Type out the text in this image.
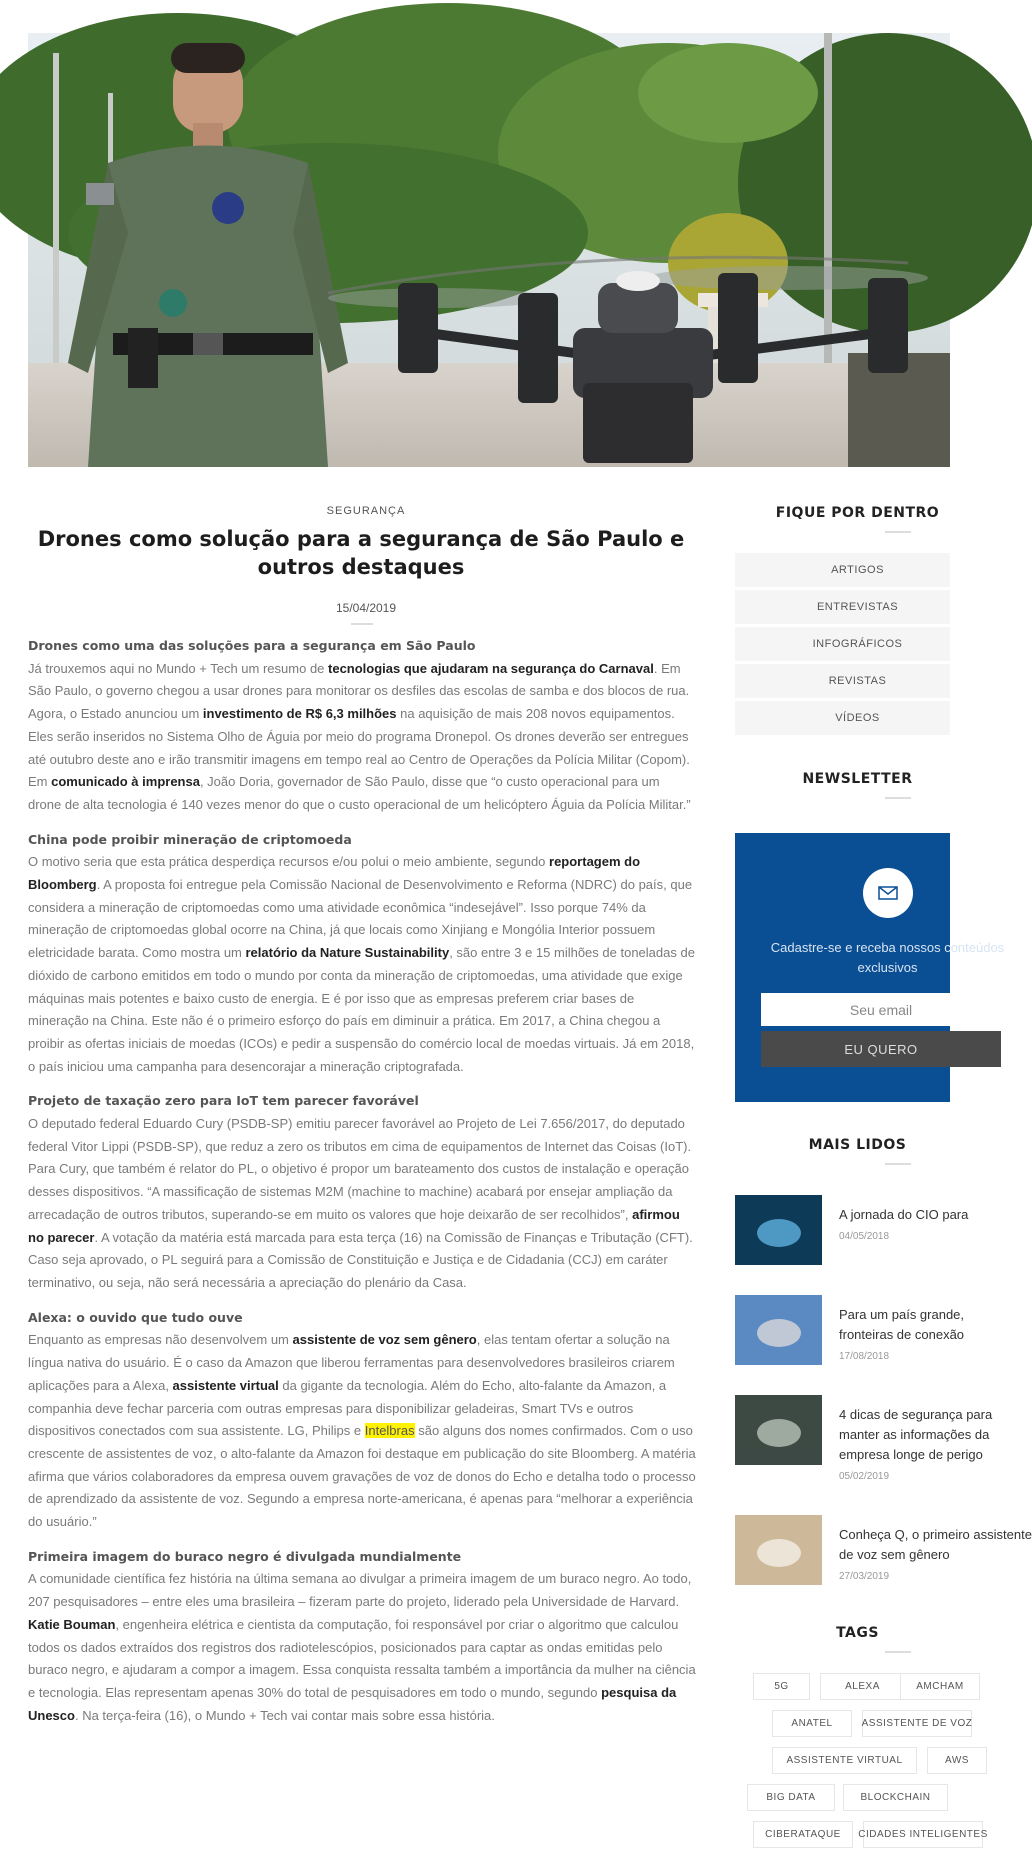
SEGURANÇA
Drones como solução para a segurança de São Paulo e outros destaques
15/04/2019
Drones como uma das soluções para a segurança em São Paulo

Já trouxemos aqui no Mundo + Tech um resumo de tecnologias que ajudaram na segurança do Carnaval. Em São Paulo, o governo chegou a usar drones para monitorar os desfiles das escolas de samba e dos blocos de rua. Agora, o Estado anunciou um investimento de R$ 6,3 milhões na aquisição de mais 208 novos equipamentos. Eles serão inseridos no Sistema Olho de Águia por meio do programa Dronepol. Os drones deverão ser entregues até outubro deste ano e irão transmitir imagens em tempo real ao Centro de Operações da Polícia Militar (Copom). Em comunicado à imprensa, João Doria, governador de São Paulo, disse que “o custo operacional para um drone de alta tecnologia é 140 vezes menor do que o custo operacional de um helicóptero Águia da Polícia Militar.”

China pode proibir mineração de criptomoeda

O motivo seria que esta prática desperdiça recursos e/ou polui o meio ambiente, segundo reportagem do Bloomberg. A proposta foi entregue pela Comissão Nacional de Desenvolvimento e Reforma (NDRC) do país, que considera a mineração de criptomoedas como uma atividade econômica “indesejável”. Isso porque 74% da mineração de criptomoedas global ocorre na China, já que locais como Xinjiang e Mongólia Interior possuem eletricidade barata. Como mostra um relatório da Nature Sustainability, são entre 3 e 15 milhões de toneladas de dióxido de carbono emitidos em todo o mundo por conta da mineração de criptomoedas, uma atividade que exige máquinas mais potentes e baixo custo de energia. E é por isso que as empresas preferem criar bases de mineração na China. Este não é o primeiro esforço do país em diminuir a prática. Em 2017, a China chegou a proibir as ofertas iniciais de moedas (ICOs) e pedir a suspensão do comércio local de moedas virtuais. Já em 2018, o país iniciou uma campanha para desencorajar a mineração criptografada.

Projeto de taxação zero para IoT tem parecer favorável

O deputado federal Eduardo Cury (PSDB-SP) emitiu parecer favorável ao Projeto de Lei 7.656/2017, do deputado federal Vitor Lippi (PSDB-SP), que reduz a zero os tributos em cima de equipamentos de Internet das Coisas (IoT). Para Cury, que também é relator do PL, o objetivo é propor um barateamento dos custos de instalação e operação desses dispositivos. “A massificação de sistemas M2M (machine to machine) acabará por ensejar ampliação da arrecadação de outros tributos, superando-se em muito os valores que hoje deixarão de ser recolhidos”, afirmou no parecer. A votação da matéria está marcada para esta terça (16) na Comissão de Finanças e Tributação (CFT). Caso seja aprovado, o PL seguirá para a Comissão de Constituição e Justiça e de Cidadania (CCJ) em caráter terminativo, ou seja, não será necessária a apreciação do plenário da Casa.

Alexa: o ouvido que tudo ouve

Enquanto as empresas não desenvolvem um assistente de voz sem gênero, elas tentam ofertar a solução na língua nativa do usuário. É o caso da Amazon que liberou ferramentas para desenvolvedores brasileiros criarem aplicações para a Alexa, assistente virtual da gigante da tecnologia. Além do Echo, alto-falante da Amazon, a companhia deve fechar parceria com outras empresas para disponibilizar geladeiras, Smart TVs e outros dispositivos conectados com sua assistente. LG, Philips e Intelbras são alguns dos nomes confirmados. Com o uso crescente de assistentes de voz, o alto-falante da Amazon foi destaque em publicação do site Bloomberg. A matéria afirma que vários colaboradores da empresa ouvem gravações de voz de donos do Echo e detalha todo o processo de aprendizado da assistente de voz. Segundo a empresa norte-americana, é apenas para “melhorar a experiência do usuário.”

Primeira imagem do buraco negro é divulgada mundialmente

A comunidade científica fez história na última semana ao divulgar a primeira imagem de um buraco negro. Ao todo, 207 pesquisadores – entre eles uma brasileira – fizeram parte do projeto, liderado pela Universidade de Harvard. Katie Bouman, engenheira elétrica e cientista da computação, foi responsável por criar o algoritmo que calculou todos os dados extraídos dos registros dos radiotelescópios, posicionados para captar as ondas emitidas pelo buraco negro, e ajudaram a compor a imagem. Essa conquista ressalta também a importância da mulher na ciência e tecnologia. Elas representam apenas 30% do total de pesquisadores em todo o mundo, segundo pesquisa da Unesco. Na terça-feira (16), o Mundo + Tech vai contar mais sobre essa história.

FIQUE POR DENTRO
ARTIGOS
ENTREVISTAS
INFOGRÁFICOS
REVISTAS
VÍDEOS
NEWSLETTER
Cadastre-se e receba nossos conteúdos exclusivos
Seu email
EU QUERO
MAIS LIDOS
A jornada do CIO para
04/05/2018
Para um país grande,
fronteiras de conexão
17/08/2018
4 dicas de segurança para
manter as informações da
empresa longe de perigo
05/02/2019
Conheça Q, o primeiro assistente
de voz sem gênero
27/03/2019
TAGS
5G	ALEXA	AMCHAM
ANATEL	ASSISTENTE DE VOZ
ASSISTENTE VIRTUAL	AWS
BIG DATA	BLOCKCHAIN
CIBERATAQUE	CIDADES INTELIGENTES
